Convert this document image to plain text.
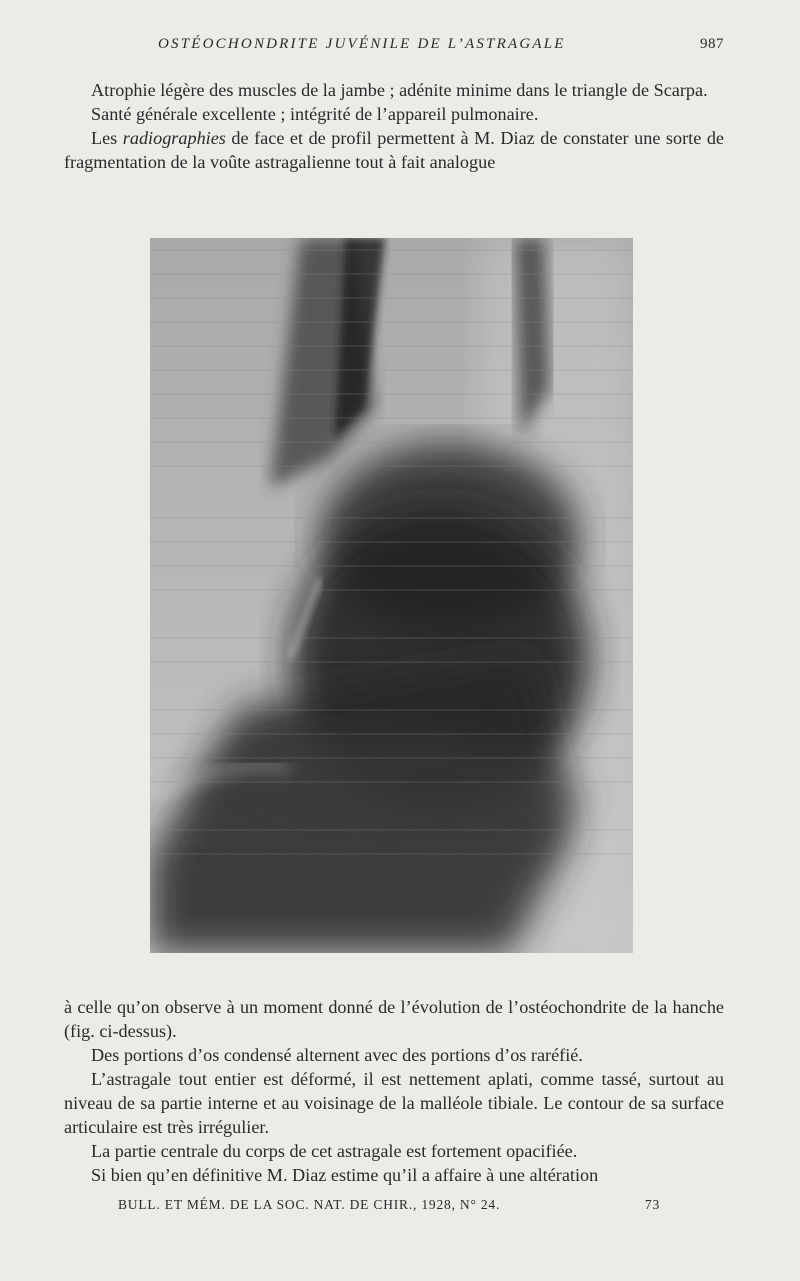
OSTÉOCHONDRITE JUVÉNILE DE L’ASTRAGALE	987

Atrophie légère des muscles de la jambe ; adénite minime dans le triangle de Scarpa.

Santé générale excellente ; intégrité de l’appareil pulmonaire.

Les radiographies de face et de profil permettent à M. Diaz de constater une sorte de fragmentation de la voûte astragalienne tout à fait analogue

à celle qu’on observe à un moment donné de l’évolution de l’ostéochondrite de la hanche (fig. ci-dessus).

Des portions d’os condensé alternent avec des portions d’os raréfié.

L’astragale tout entier est déformé, il est nettement aplati, comme tassé, surtout au niveau de sa partie interne et au voisinage de la malléole tibiale. Le contour de sa surface articulaire est très irrégulier.

La partie centrale du corps de cet astragale est fortement opacifiée.

Si bien qu’en définitive M. Diaz estime qu’il a affaire à une altération

BULL. ET MÉM. DE LA SOC. NAT. DE CHIR., 1928, N° 24.	73
